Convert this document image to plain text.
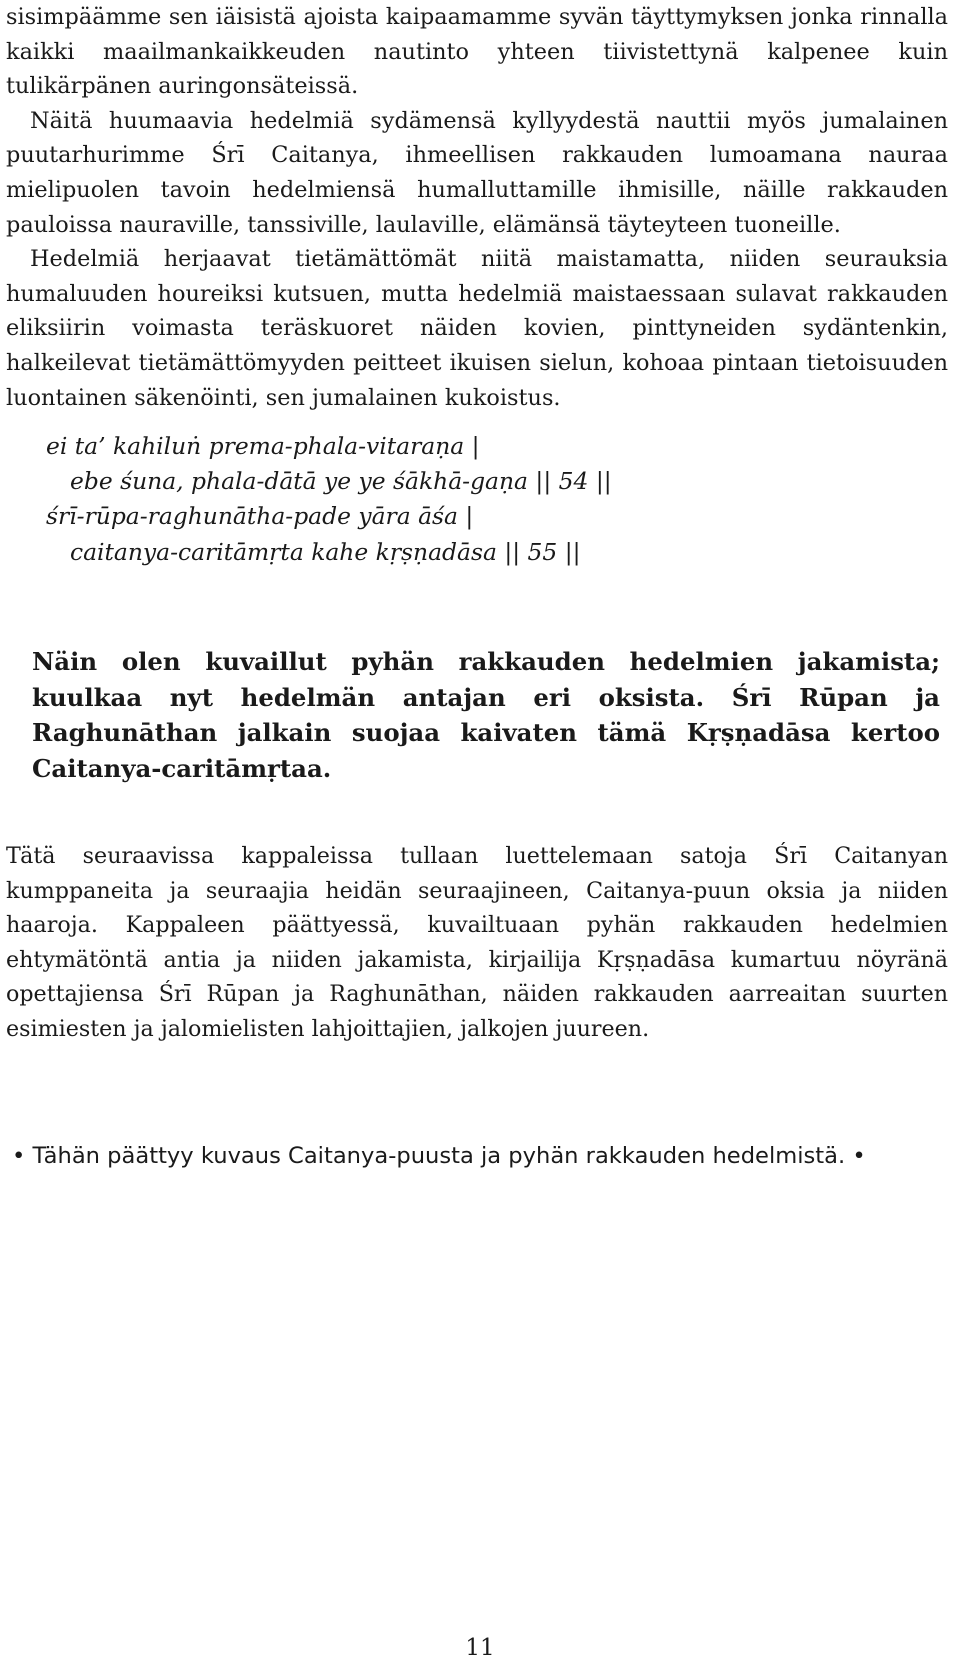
sisimpäämme sen iäisistä ajoista kaipaamamme syvän täyttymyksen jonka rinnalla kaikki maailmankaikkeuden nautinto yhteen tiivistettynä kalpenee kuin tulikärpänen auringonsäteissä.

Näitä huumaavia hedelmiä sydämensä kyllyydestä nauttii myös jumalainen puutarhurimme Śrī Caitanya, ihmeellisen rakkauden lumoamana nauraa mielipuolen tavoin hedelmiensä humalluttamille ihmisille, näille rakkauden pauloissa nauraville, tanssiville, laulaville, elämänsä täyteyteen tuoneille.

Hedelmiä herjaavat tietämättömät niitä maistamatta, niiden seurauksia humaluuden houreiksi kutsuen, mutta hedelmiä maistaessaan sulavat rakkauden eliksiirin voimasta teräskuoret näiden kovien, pinttyneiden sydäntenkin, halkeilevat tietämättömyyden peitteet ikuisen sielun, kohoaa pintaan tietoisuuden luontainen säkenöinti, sen jumalainen kukoistus.

ei ta’ kahiluṅ prema-phala-vitaraṇa |
ebe śuna, phala-dātā ye ye śākhā-gaṇa || 54 ||
śrī-rūpa-raghunātha-pade yāra āśa |
caitanya-caritāmṛta kahe kṛṣṇadāsa || 55 ||

Näin olen kuvaillut pyhän rakkauden hedelmien jakamista; kuulkaa nyt hedelmän antajan eri oksista. Śrī Rūpan ja Raghunāthan jalkain suojaa kaivaten tämä Kṛṣṇadāsa kertoo Caitanya-caritāmṛtaa.

Tätä seuraavissa kappaleissa tullaan luettelemaan satoja Śrī Caitanyan kumppaneita ja seuraajia heidän seuraajineen, Caitanya-puun oksia ja niiden haaroja. Kappaleen päättyessä, kuvailtuaan pyhän rakkauden hedelmien ehtymätöntä antia ja niiden jakamista, kirjailija Kṛṣṇadāsa kumartuu nöyränä opettajiensa Śrī Rūpan ja Raghunāthan, näiden rakkauden aarreaitan suurten esimiesten ja jalomielisten lahjoittajien, jalkojen juureen.

• Tähän päättyy kuvaus Caitanya-puusta ja pyhän rakkauden hedelmistä. •
11
